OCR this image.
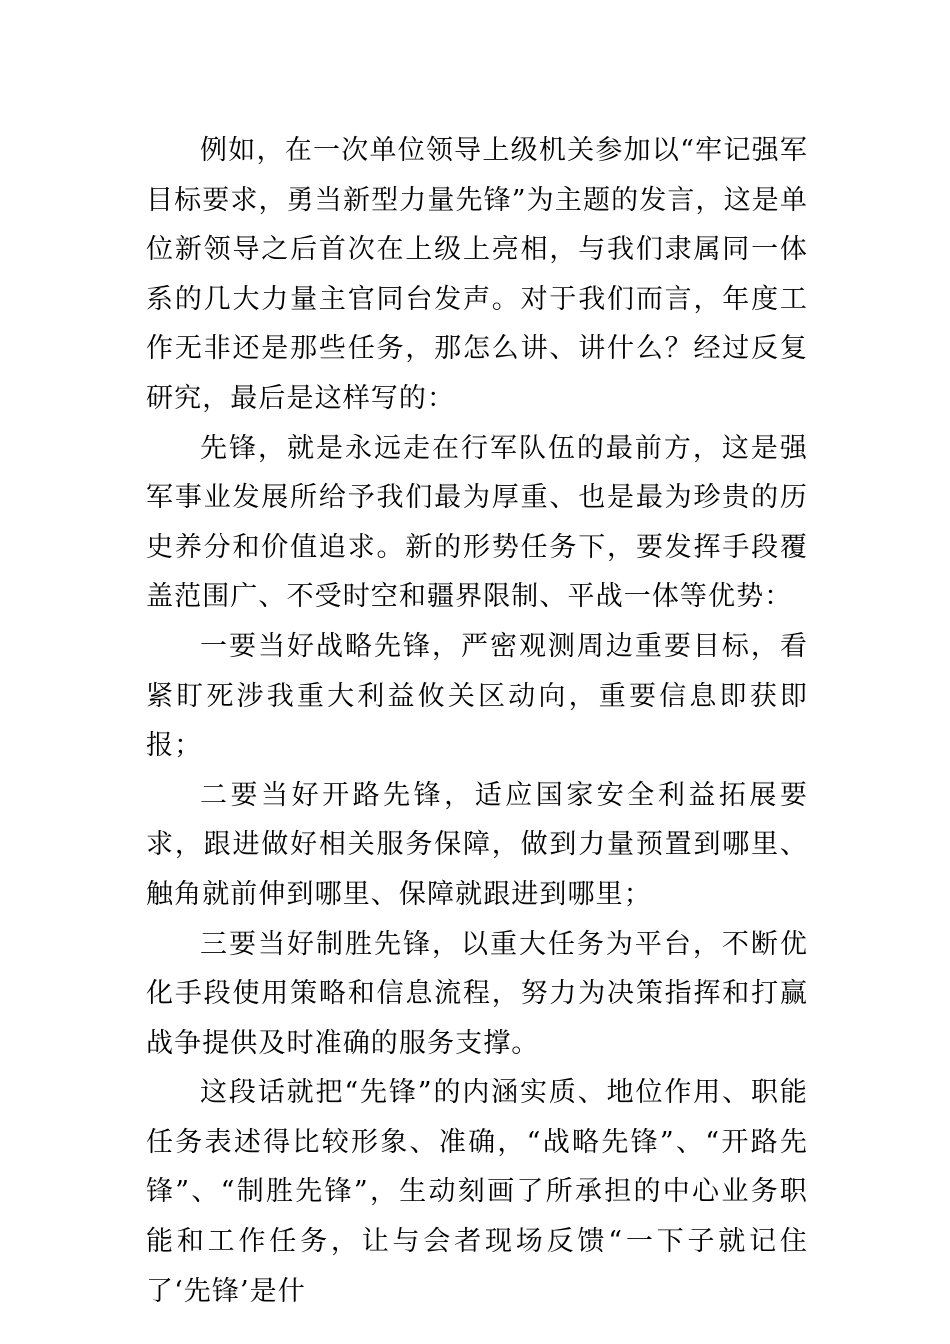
例如，在一次单位领导上级机关参加以“牢记强军目标要求，勇当新型力量先锋”为主题的发言，这是单位新领导之后首次在上级上亮相，与我们隶属同一体系的几大力量主官同台发声。对于我们而言，年度工作无非还是那些任务，那怎么讲、讲什么？经过反复研究，最后是这样写的：

先锋，就是永远走在行军队伍的最前方，这是强军事业发展所给予我们最为厚重、也是最为珍贵的历史养分和价值追求。新的形势任务下，要发挥手段覆盖范围广、不受时空和疆界限制、平战一体等优势：

一要当好战略先锋，严密观测周边重要目标，看紧盯死涉我重大利益攸关区动向，重要信息即获即报；

二要当好开路先锋，适应国家安全利益拓展要求，跟进做好相关服务保障，做到力量预置到哪里、触角就前伸到哪里、保障就跟进到哪里；

三要当好制胜先锋，以重大任务为平台，不断优化手段使用策略和信息流程，努力为决策指挥和打赢战争提供及时准确的服务支撑。

这段话就把“先锋”的内涵实质、地位作用、职能任务表述得比较形象、准确，“战略先锋”、“开路先锋”、“制胜先锋”，生动刻画了所承担的中心业务职能和工作任务，让与会者现场反馈“一下子就记住了‘先锋’是什
